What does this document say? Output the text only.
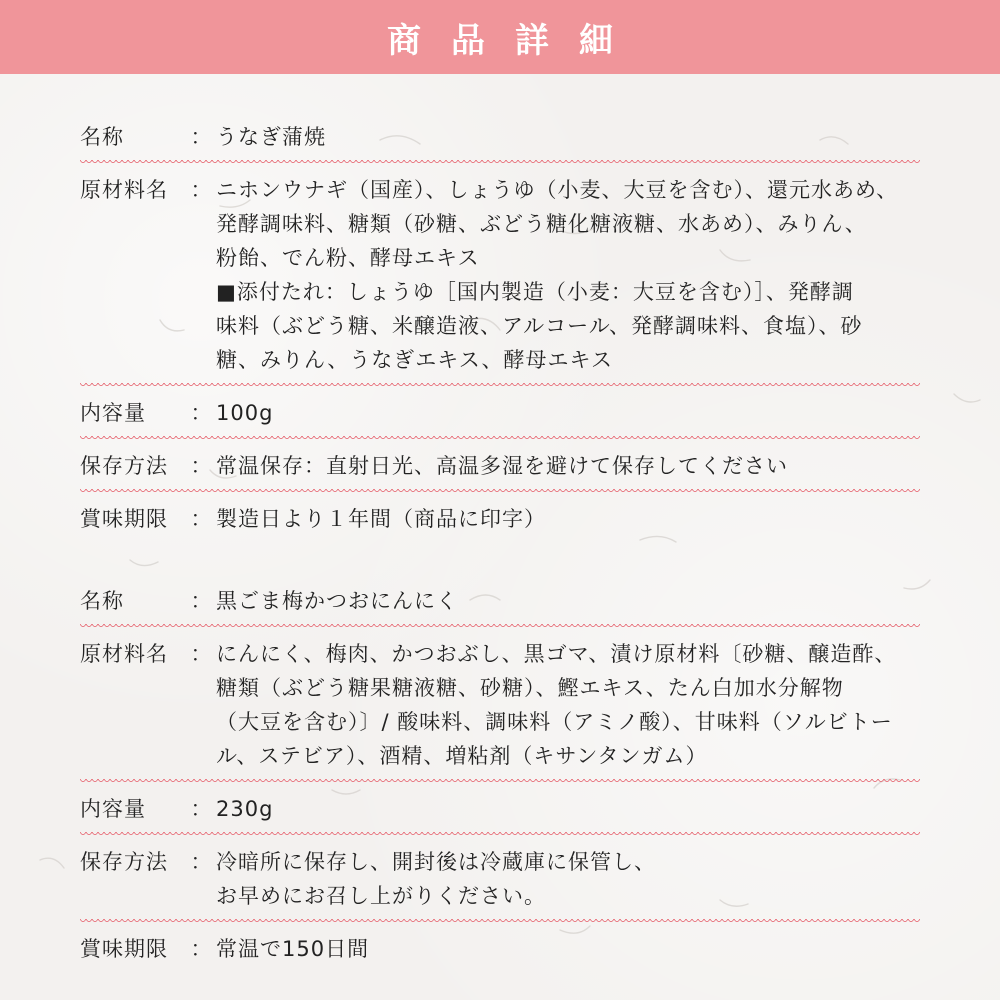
商品詳細
名称	： うなぎ蒲焼
原材料名	： ニホンウナギ（国産）、しょうゆ（小麦、大豆を含む）、還元水あめ、
発酵調味料、糖類（砂糖、ぶどう糖化糖液糖、水あめ）、みりん、
粉飴、でん粉、酵母エキス
■添付たれ：しょうゆ［国内製造（小麦：大豆を含む）］、発酵調
味料（ぶどう糖、米醸造液、アルコール、発酵調味料、食塩）、砂
糖、みりん、うなぎエキス、酵母エキス
内容量	： 100g
保存方法	： 常温保存：直射日光、高温多湿を避けて保存してください
賞味期限	： 製造日より１年間（商品に印字）
名称	： 黒ごま梅かつおにんにく
原材料名	： にんにく、梅肉、かつおぶし、黒ゴマ、漬け原材料〔砂糖、醸造酢、
糖類（ぶどう糖果糖液糖、砂糖）、鰹エキス、たん白加水分解物
（大豆を含む）〕/ 酸味料、調味料（アミノ酸）、甘味料（ソルビトー
ル、ステビア）、酒精、増粘剤（キサンタンガム）
内容量	： 230g
保存方法	： 冷暗所に保存し、開封後は冷蔵庫に保管し、
お早めにお召し上がりください。
賞味期限	： 常温で150日間
